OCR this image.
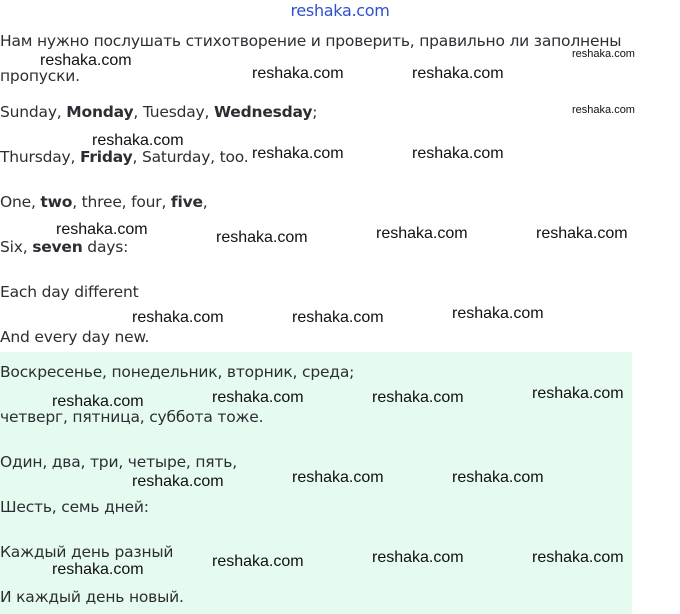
reshaka.com
Нам нужно послушать стихотворение и проверить, правильно ли заполнены
пропуски.
Sunday, Monday, Tuesday, Wednesday;
Thursday, Friday, Saturday, too.
One, two, three, four, five,
Six, seven days:
Each day different
And every day new.
Воскресенье, понедельник, вторник, среда;
четверг, пятница, суббота тоже.
Один, два, три, четыре, пять,
Шесть, семь дней:
Каждый день разный
И каждый день новый.
reshaka.com
reshaka.com	reshaka.com
reshaka.com
reshaka.com
reshaka.com
reshaka.com	reshaka.com
reshaka.com	reshaka.com	reshaka.com	reshaka.com
reshaka.com	reshaka.com	reshaka.com
reshaka.com	reshaka.com	reshaka.com	reshaka.com
reshaka.com	reshaka.com	reshaka.com
reshaka.com	reshaka.com	reshaka.com	reshaka.com
